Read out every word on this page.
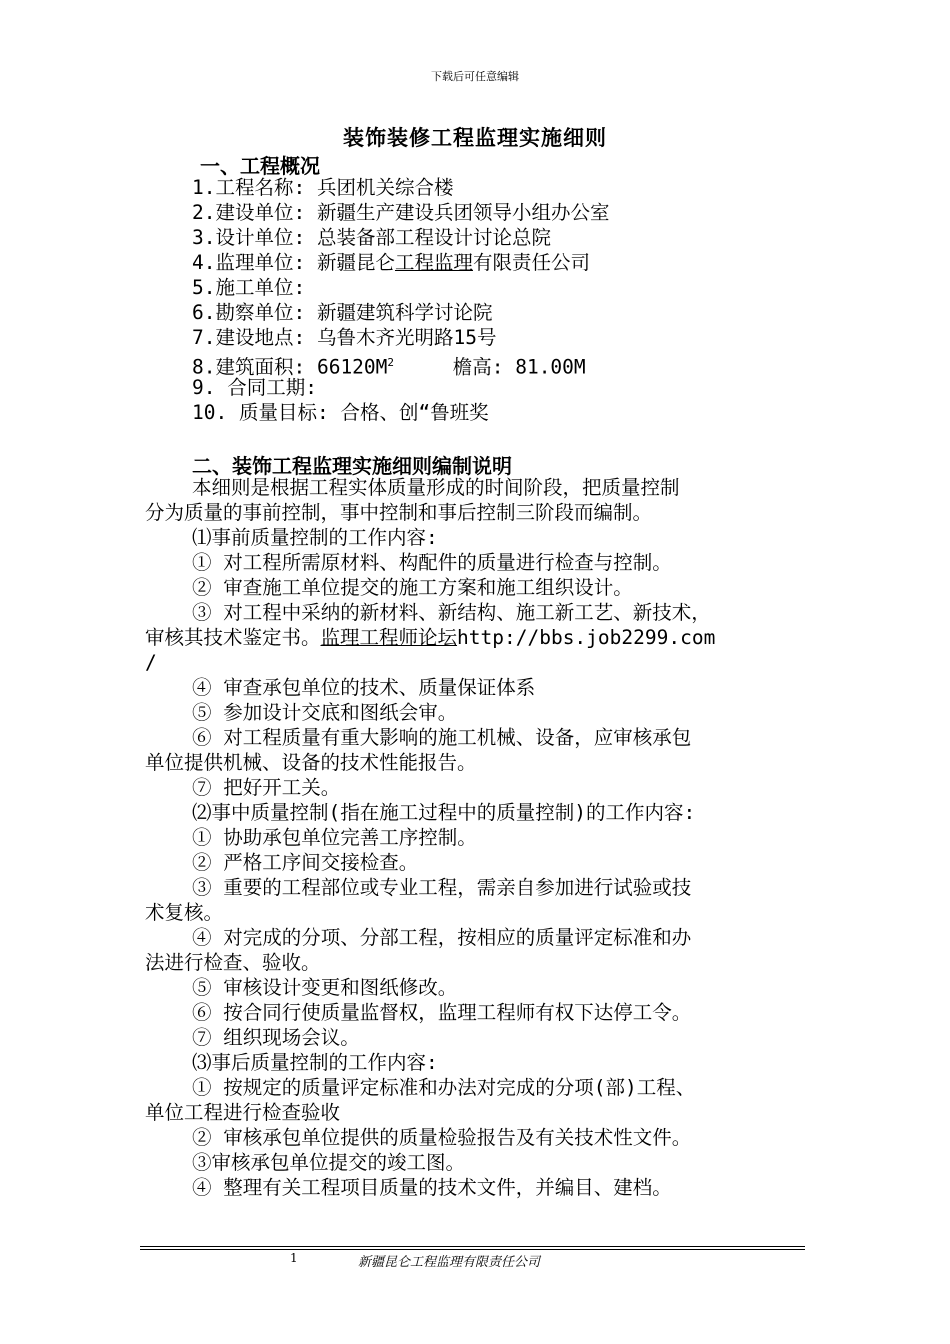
下载后可任意编辑
装饰装修工程监理实施细则
一、工程概况
1.工程名称: 兵团机关综合楼
2.建设单位: 新疆生产建设兵团领导小组办公室
3.设计单位: 总装备部工程设计讨论总院
4.监理单位: 新疆昆仑工程监理有限责任公司
5.施工单位:
6.勘察单位: 新疆建筑科学讨论院
7.建设地点: 乌鲁木齐光明路15号
8.建筑面积: $66120M^2$     檐高: 81.00M
9. 合同工期:
10. 质量目标: 合格、创“鲁班奖
二、装饰工程监理实施细则编制说明
本细则是根据工程实体质量形成的时间阶段，把质量控制
分为质量的事前控制，事中控制和事后控制三阶段而编制。
⑴事前质量控制的工作内容:
① 对工程所需原材料、构配件的质量进行检查与控制。
② 审查施工单位提交的施工方案和施工组织设计。
③ 对工程中采纳的新材料、新结构、施工新工艺、新技术，
审核其技术鉴定书。监理工程师论坛http://bbs.job2299.com
/
④ 审查承包单位的技术、质量保证体系
⑤ 参加设计交底和图纸会审。
⑥ 对工程质量有重大影响的施工机械、设备，应审核承包
单位提供机械、设备的技术性能报告。
⑦ 把好开工关。
⑵事中质量控制(指在施工过程中的质量控制)的工作内容:
① 协助承包单位完善工序控制。
② 严格工序间交接检查。
③ 重要的工程部位或专业工程，需亲自参加进行试验或技
术复核。
④ 对完成的分项、分部工程，按相应的质量评定标准和办
法进行检查、验收。
⑤ 审核设计变更和图纸修改。
⑥ 按合同行使质量监督权，监理工程师有权下达停工令。
⑦ 组织现场会议。
⑶事后质量控制的工作内容:
① 按规定的质量评定标准和办法对完成的分项(部)工程、
单位工程进行检查验收
② 审核承包单位提供的质量检验报告及有关技术性文件。
③审核承包单位提交的竣工图。
④ 整理有关工程项目质量的技术文件，并编目、建档。
1	新疆昆仑工程监理有限责任公司
